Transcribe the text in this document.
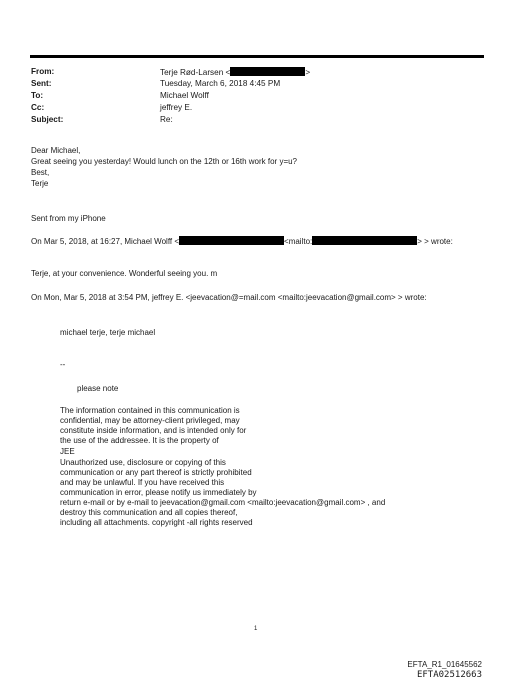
From:	Terje Rød-Larsen <	>
Sent:	Tuesday, March 6, 2018 4:45 PM
To:	Michael Wolff
Cc:	jeffrey E.
Subject:	Re:
Dear Michael,
Great seeing you yesterday! Would lunch on the 12th or 16th work for y=u?
Best,
Terje
Sent from my iPhone
On Mar 5, 2018, at 16:27, Michael Wolff <	<mailto:	> > wrote:
Terje, at your convenience. Wonderful seeing you. m
On Mon, Mar 5, 2018 at 3:54 PM, jeffrey E. <jeevacation@=mail.com <mailto:jeevacation@gmail.com> > wrote:
michael terje, terje michael
--
please note
The information contained in this communication is
confidential, may be attorney-client privileged, may
constitute inside information, and is intended only for
the use of the addressee. It is the property of
JEE
Unauthorized use, disclosure or copying of this
communication or any part thereof is strictly prohibited
and may be unlawful. If you have received this
communication in error, please notify us immediately by
return e-mail or by e-mail to jeevacation@gmail.com <mailto:jeevacation@gmail.com> , and
destroy this communication and all copies thereof,
including all attachments. copyright -all rights reserved
1
EFTA_R1_01645562
EFTA02512663
